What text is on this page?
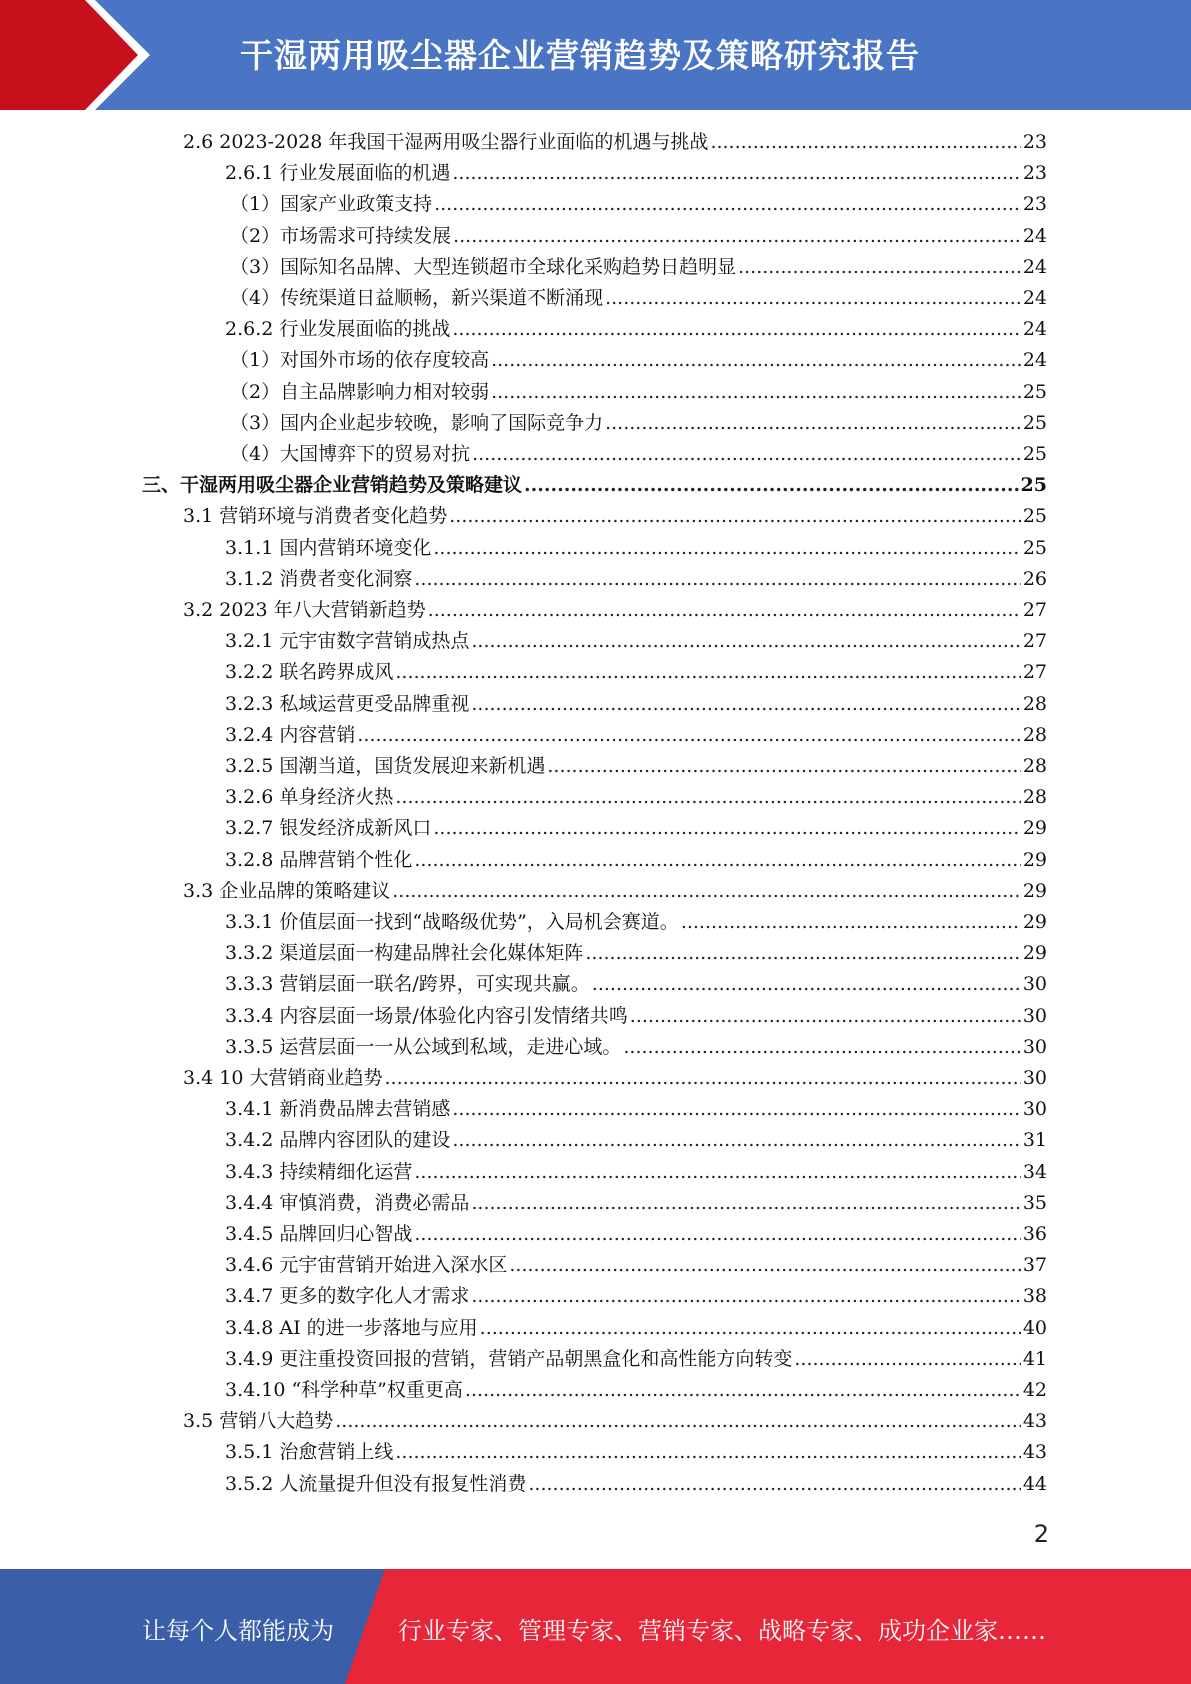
干湿两用吸尘器企业营销趋势及策略研究报告
2.6 2023-2028 年我国干湿两用吸尘器行业面临的机遇与挑战 .....	23
2.6.1 行业发展面临的机遇 .....	23
（1）国家产业政策支持 .....	23
（2）市场需求可持续发展 .....	24
（3）国际知名品牌、大型连锁超市全球化采购趋势日趋明显 .....	24
（4）传统渠道日益顺畅，新兴渠道不断涌现 .....	24
2.6.2 行业发展面临的挑战 .....	24
（1）对国外市场的依存度较高 .....	24
（2）自主品牌影响力相对较弱 .....	25
（3）国内企业起步较晚，影响了国际竞争力 .....	25
（4）大国博弈下的贸易对抗 .....	25
三、干湿两用吸尘器企业营销趋势及策略建议 .....	25
3.1 营销环境与消费者变化趋势 .....	25
3.1.1 国内营销环境变化 .....	25
3.1.2 消费者变化洞察 .....	26
3.2 2023 年八大营销新趋势 .....	27
3.2.1 元宇宙数字营销成热点 .....	27
3.2.2 联名跨界成风 .....	27
3.2.3 私域运营更受品牌重视 .....	28
3.2.4 内容营销 .....	28
3.2.5 国潮当道，国货发展迎来新机遇 .....	28
3.2.6 单身经济火热 .....	28
3.2.7 银发经济成新风口 .....	29
3.2.8 品牌营销个性化 .....	29
3.3 企业品牌的策略建议 .....	29
3.3.1 价值层面一找到“战略级优势”，入局机会赛道。 .....	29
3.3.2 渠道层面一构建品牌社会化媒体矩阵 .....	29
3.3.3 营销层面一联名/跨界，可实现共赢。 .....	30
3.3.4 内容层面一场景/体验化内容引发情绪共鸣 .....	30
3.3.5 运营层面一一从公域到私域，走进心域。 .....	30
3.4 10 大营销商业趋势 .....	30
3.4.1 新消费品牌去营销感 .....	30
3.4.2 品牌内容团队的建设 .....	31
3.4.3 持续精细化运营 .....	34
3.4.4 审慎消费，消费必需品 .....	35
3.4.5 品牌回归心智战 .....	36
3.4.6 元宇宙营销开始进入深水区 .....	37
3.4.7 更多的数字化人才需求 .....	38
3.4.8 AI 的进一步落地与应用 .....	40
3.4.9 更注重投资回报的营销，营销产品朝黑盒化和高性能方向转变 .....	41
3.4.10 “科学种草”权重更高 .....	42
3.5 营销八大趋势 .....	43
3.5.1 治愈营销上线 .....	43
3.5.2 人流量提升但没有报复性消费 .....	44
2
让每个人都能成为	行业专家、管理专家、营销专家、战略专家、成功企业家……
